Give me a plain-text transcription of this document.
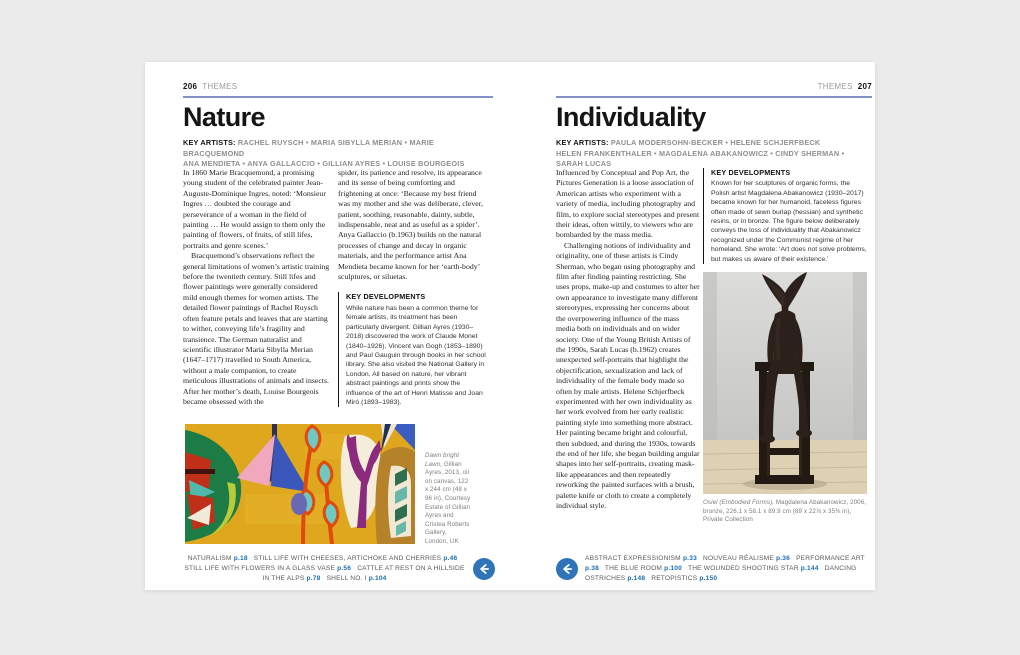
206 THEMES
Nature
KEY ARTISTS: RACHEL RUYSCH • MARIA SIBYLLA MERIAN • MARIE BRACQUEMOND
ANA MENDIETA • ANYA GALLACCIO • GILLIAN AYRES • LOUISE BOURGEOIS

In 1860 Marie Bracquemond, a promising young student of the celebrated painter Jean-Auguste-Dominique Ingres, noted: ‘Monsieur Ingres … doubted the courage and perseverance of a woman in the field of painting … He would assign to them only the painting of flowers, of fruits, of still lifes, portraits and genre scenes.’

Bracquemond’s observations reflect the general limitations of women’s artistic training before the twentieth century. Still lifes and flower paintings were generally considered mild enough themes for women artists. The detailed flower paintings of Rachel Ruysch often feature petals and leaves that are starting to wither, conveying life’s fragility and transience. The German naturalist and scientific illustrator Maria Sibylla Merian (1647–1717) travelled to South America, without a male companion, to create meticulous illustrations of animals and insects. After her mother’s death, Louise Bourgeois became obsessed with the

spider, its patience and resolve, its appearance and its sense of being comforting and frightening at once: ‘Because my best friend was my mother and she was deliberate, clever, patient, soothing, reasonable, dainty, subtle, indispensable, neat and as useful as a spider’. Anya Gallaccio (b.1963) builds on the natural processes of change and decay in organic materials, and the performance artist Ana Mendieta became known for her ‘earth-body’ sculptures, or siluetas.

KEY DEVELOPMENTS
While nature has been a common theme for female artists, its treatment has been particularly divergent. Gillian Ayres (1930–2018) discovered the work of Claude Monet (1840–1926), Vincent van Gogh (1853–1890) and Paul Gauguin through books in her school library. She also visited the National Gallery in London. All based on nature, her vibrant abstract paintings and prints show the influence of the art of Henri Matisse and Joan Miró (1893–1983).
Dawn bright Lawn, Gillian Ayres, 2013, oil on canvas, 122 x 244 cm (48 x 96 in), Courtesy Estate of Gillian Ayres and Cristea Roberts Gallery, London, UK
NATURALISM p.18 STILL LIFE WITH CHEESES, ARTICHOKE AND CHERRIES p.46 STILL LIFE WITH FLOWERS IN A GLASS VASE p.56 CATTLE AT REST ON A HILLSIDE IN THE ALPS p.78 SHELL NO. I p.104
THEMES 207
Individuality
KEY ARTISTS: PAULA MODERSOHN-BECKER • HELENE SCHJERFBECK
HELEN FRANKENTHALER • MAGDALENA ABAKANOWICZ • CINDY SHERMAN • SARAH LUCAS

Influenced by Conceptual and Pop Art, the Pictures Generation is a loose association of American artists who experiment with a variety of media, including photography and film, to explore social stereotypes and present their ideas, often wittily, to viewers who are bombarded by the mass media.

Challenging notions of individuality and originality, one of these artists is Cindy Sherman, who began using photography and film after finding painting restricting. She uses props, make-up and costumes to alter her own appearance to investigate many different stereotypes, expressing her concerns about the overpowering influence of the mass media both on individuals and on wider society. One of the Young British Artists of the 1990s, Sarah Lucas (b.1962) creates unexpected self-portraits that highlight the objectification, sexualization and lack of individuality of the female body made so often by male artists. Helene Schjerfbeck experimented with her own individuality as her work evolved from her early realistic painting style into something more abstract. Her painting became bright and colourful, then subdued, and during the 1930s, towards the end of her life, she began building angular shapes into her self-portraits, creating mask-like appearances and then repeatedly reworking the painted surfaces with a brush, palette knife or cloth to create a completely individual style.

KEY DEVELOPMENTS
Known for her sculptures of organic forms, the Polish artist Magdalena Abakanowicz (1930–2017) became known for her humanoid, faceless figures often made of sewn burlap (hessian) and synthetic resins, or in bronze. The figure below deliberately conveys the loss of individuality that Abakanowicz recognized under the Communist regime of her homeland. She wrote: ‘Art does not solve problems, but makes us aware of their existence.’
Osiel (Embodied Forms), Magdalena Abakanowicz, 2006, bronze, 226.1 x 58.1 x 89.9 cm (89 x 22⅞ x 35⅜ in), Private Collection
ABSTRACT EXPRESSIONISM p.33 NOUVEAU RÉALISME p.36 PERFORMANCE ART p.38 THE BLUE ROOM p.100 THE WOUNDED SHOOTING STAR p.144 DANCING OSTRICHES p.148 RETOPISTICS p.150
